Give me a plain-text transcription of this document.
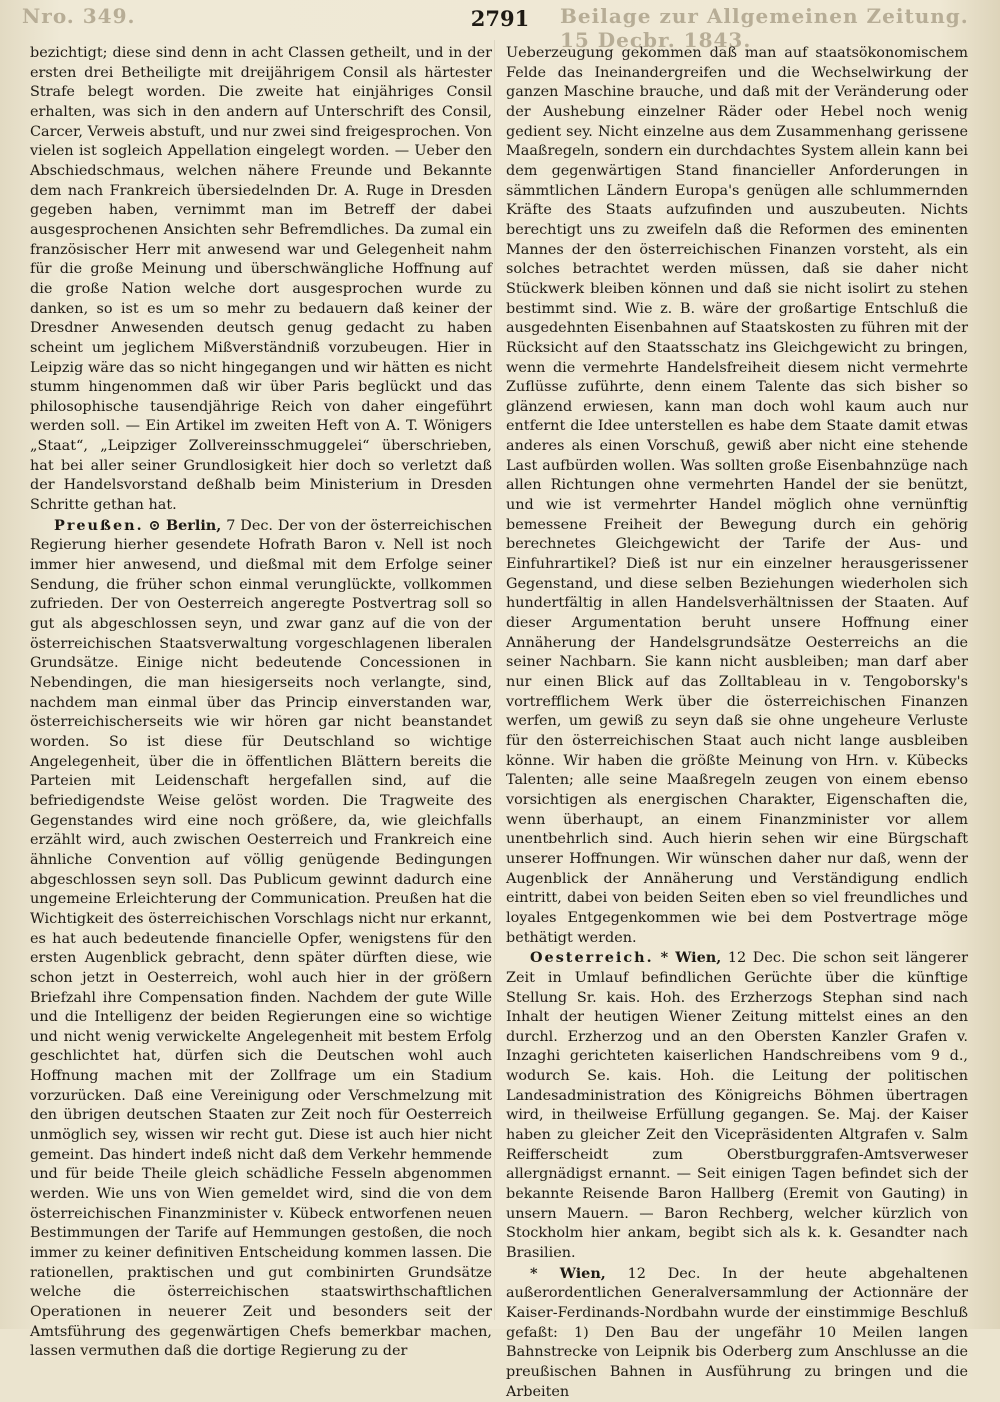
Nro. 349.	Beilage zur Allgemeinen Zeitung. 15 Decbr. 1843.
2791

bezichtigt; diese sind denn in acht Classen getheilt, und in der ersten drei Betheiligte mit dreijährigem Consil als härtester Strafe belegt worden. Die zweite hat einjähriges Consil erhalten, was sich in den andern auf Unterschrift des Consil, Carcer, Verweis abstuft, und nur zwei sind freigesprochen. Von vielen ist sogleich Appellation eingelegt worden. — Ueber den Abschiedschmaus, welchen nähere Freunde und Bekannte dem nach Frankreich übersiedelnden Dr. A. Ruge in Dresden gegeben haben, vernimmt man im Betreff der dabei ausgesprochenen Ansichten sehr Befremdliches. Da zumal ein französischer Herr mit anwesend war und Gelegenheit nahm für die große Meinung und überschwängliche Hoffnung auf die große Nation welche dort ausgesprochen wurde zu danken, so ist es um so mehr zu bedauern daß keiner der Dresdner Anwesenden deutsch genug gedacht zu haben scheint um jeglichem Mißverständniß vorzubeugen. Hier in Leipzig wäre das so nicht hingegangen und wir hätten es nicht stumm hingenommen daß wir über Paris beglückt und das philosophische tausendjährige Reich von daher eingeführt werden soll. — Ein Artikel im zweiten Heft von A. T. Wönigers „Staat“, „Leipziger Zollvereinsschmuggelei“ überschrieben, hat bei aller seiner Grundlosigkeit hier doch so verletzt daß der Handelsvorstand deßhalb beim Ministerium in Dresden Schritte gethan hat.

Preußen. ⊙ Berlin, 7 Dec. Der von der österreichischen Regierung hierher gesendete Hofrath Baron v. Nell ist noch immer hier anwesend, und dießmal mit dem Erfolge seiner Sendung, die früher schon einmal verunglückte, vollkommen zufrieden. Der von Oesterreich angeregte Postvertrag soll so gut als abgeschlossen seyn, und zwar ganz auf die von der österreichischen Staatsverwaltung vorgeschlagenen liberalen Grundsätze. Einige nicht bedeutende Concessionen in Nebendingen, die man hiesigerseits noch verlangte, sind, nachdem man einmal über das Princip einverstanden war, österreichischerseits wie wir hören gar nicht beanstandet worden. So ist diese für Deutschland so wichtige Angelegenheit, über die in öffentlichen Blättern bereits die Parteien mit Leidenschaft hergefallen sind, auf die befriedigendste Weise gelöst worden. Die Tragweite des Gegenstandes wird eine noch größere, da, wie gleichfalls erzählt wird, auch zwischen Oesterreich und Frankreich eine ähnliche Convention auf völlig genügende Bedingungen abgeschlossen seyn soll. Das Publicum gewinnt dadurch eine ungemeine Erleichterung der Communication. Preußen hat die Wichtigkeit des österreichischen Vorschlags nicht nur erkannt, es hat auch bedeutende financielle Opfer, wenigstens für den ersten Augenblick gebracht, denn später dürften diese, wie schon jetzt in Oesterreich, wohl auch hier in der größern Briefzahl ihre Compensation finden. Nachdem der gute Wille und die Intelligenz der beiden Regierungen eine so wichtige und nicht wenig verwickelte Angelegenheit mit bestem Erfolg geschlichtet hat, dürfen sich die Deutschen wohl auch Hoffnung machen mit der Zollfrage um ein Stadium vorzurücken. Daß eine Vereinigung oder Verschmelzung mit den übrigen deutschen Staaten zur Zeit noch für Oesterreich unmöglich sey, wissen wir recht gut. Diese ist auch hier nicht gemeint. Das hindert indeß nicht daß dem Verkehr hemmende und für beide Theile gleich schädliche Fesseln abgenommen werden. Wie uns von Wien gemeldet wird, sind die von dem österreichischen Finanzminister v. Kübeck entworfenen neuen Bestimmungen der Tarife auf Hemmungen gestoßen, die noch immer zu keiner definitiven Entscheidung kommen lassen. Die rationellen, praktischen und gut combinirten Grundsätze welche die österreichischen staatswirthschaftlichen Operationen in neuerer Zeit und besonders seit der Amtsführung des gegenwärtigen Chefs bemerkbar machen, lassen vermuthen daß die dortige Regierung zu der

Ueberzeugung gekommen daß man auf staatsökonomischem Felde das Ineinandergreifen und die Wechselwirkung der ganzen Maschine brauche, und daß mit der Veränderung oder der Aushebung einzelner Räder oder Hebel noch wenig gedient sey. Nicht einzelne aus dem Zusammenhang gerissene Maaßregeln, sondern ein durchdachtes System allein kann bei dem gegenwärtigen Stand financieller Anforderungen in sämmtlichen Ländern Europa's genügen alle schlummernden Kräfte des Staats aufzufinden und auszubeuten. Nichts berechtigt uns zu zweifeln daß die Reformen des eminenten Mannes der den österreichischen Finanzen vorsteht, als ein solches betrachtet werden müssen, daß sie daher nicht Stückwerk bleiben können und daß sie nicht isolirt zu stehen bestimmt sind. Wie z. B. wäre der großartige Entschluß die ausgedehnten Eisenbahnen auf Staatskosten zu führen mit der Rücksicht auf den Staatsschatz ins Gleichgewicht zu bringen, wenn die vermehrte Handelsfreiheit diesem nicht vermehrte Zuflüsse zuführte, denn einem Talente das sich bisher so glänzend erwiesen, kann man doch wohl kaum auch nur entfernt die Idee unterstellen es habe dem Staate damit etwas anderes als einen Vorschuß, gewiß aber nicht eine stehende Last aufbürden wollen. Was sollten große Eisenbahnzüge nach allen Richtungen ohne vermehrten Handel der sie benützt, und wie ist vermehrter Handel möglich ohne vernünftig bemessene Freiheit der Bewegung durch ein gehörig berechnetes Gleichgewicht der Tarife der Aus- und Einfuhrartikel? Dieß ist nur ein einzelner herausgerissener Gegenstand, und diese selben Beziehungen wiederholen sich hundertfältig in allen Handelsverhältnissen der Staaten. Auf dieser Argumentation beruht unsere Hoffnung einer Annäherung der Handelsgrundsätze Oesterreichs an die seiner Nachbarn. Sie kann nicht ausbleiben; man darf aber nur einen Blick auf das Zolltableau in v. Tengoborsky's vortrefflichem Werk über die österreichischen Finanzen werfen, um gewiß zu seyn daß sie ohne ungeheure Verluste für den österreichischen Staat auch nicht lange ausbleiben könne. Wir haben die größte Meinung von Hrn. v. Kübecks Talenten; alle seine Maaßregeln zeugen von einem ebenso vorsichtigen als energischen Charakter, Eigenschaften die, wenn überhaupt, an einem Finanzminister vor allem unentbehrlich sind. Auch hierin sehen wir eine Bürgschaft unserer Hoffnungen. Wir wünschen daher nur daß, wenn der Augenblick der Annäherung und Verständigung endlich eintritt, dabei von beiden Seiten eben so viel freundliches und loyales Entgegenkommen wie bei dem Postvertrage möge bethätigt werden.

Oesterreich. * Wien, 12 Dec. Die schon seit längerer Zeit in Umlauf befindlichen Gerüchte über die künftige Stellung Sr. kais. Hoh. des Erzherzogs Stephan sind nach Inhalt der heutigen Wiener Zeitung mittelst eines an den durchl. Erzherzog und an den Obersten Kanzler Grafen v. Inzaghi gerichteten kaiserlichen Handschreibens vom 9 d., wodurch Se. kais. Hoh. die Leitung der politischen Landesadministration des Königreichs Böhmen übertragen wird, in theilweise Erfüllung gegangen. Se. Maj. der Kaiser haben zu gleicher Zeit den Vicepräsidenten Altgrafen v. Salm Reifferscheidt zum Oberstburggrafen-Amtsverweser allergnädigst ernannt. — Seit einigen Tagen befindet sich der bekannte Reisende Baron Hallberg (Eremit von Gauting) in unsern Mauern. — Baron Rechberg, welcher kürzlich von Stockholm hier ankam, begibt sich als k. k. Gesandter nach Brasilien.

* Wien, 12 Dec. In der heute abgehaltenen außerordentlichen Generalversammlung der Actionnäre der Kaiser-Ferdinands-Nordbahn wurde der einstimmige Beschluß gefaßt: 1) Den Bau der ungefähr 10 Meilen langen Bahnstrecke von Leipnik bis Oderberg zum Anschlusse an die preußischen Bahnen in Ausführung zu bringen und die Arbeiten
